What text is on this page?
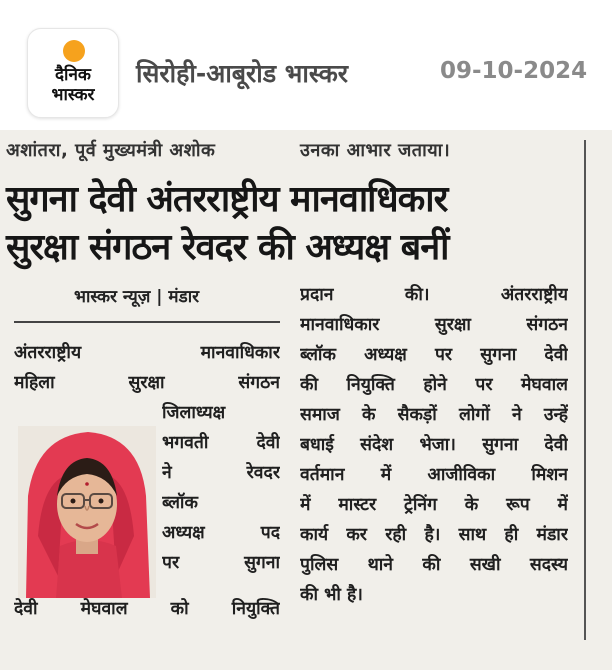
दैनिक
भास्कर
सिरोही-आबूरोड भास्कर	09-10-2024
अशांतरा, पूर्व मुख्यमंत्री अशोक	उनका आभार जताया।
सुगना देवी अंतरराष्ट्रीय मानवाधिकार
सुरक्षा संगठन रेवदर की अध्यक्ष बनीं
भास्कर न्यूज़ | मंडार
अंतरराष्ट्रीय मानवाधिकार
महिला सुरक्षा संगठन
जिलाध्यक्ष
भगवती देवी
ने रेवदर
ब्लॉक
अध्यक्ष पद
पर सुगना
देवी मेघवाल को नियुक्ति
प्रदान की। अंतरराष्ट्रीय
मानवाधिकार सुरक्षा संगठन
ब्लॉक अध्यक्ष पर सुगना देवी
की नियुक्ति होने पर मेघवाल
समाज के सैकड़ों लोगों ने उन्हें
बधाई संदेश भेजा। सुगना देवी
वर्तमान में आजीविका मिशन
में मास्टर ट्रेनिंग के रूप में
कार्य कर रही है। साथ ही मंडार
पुलिस थाने की सखी सदस्य
की भी है।
